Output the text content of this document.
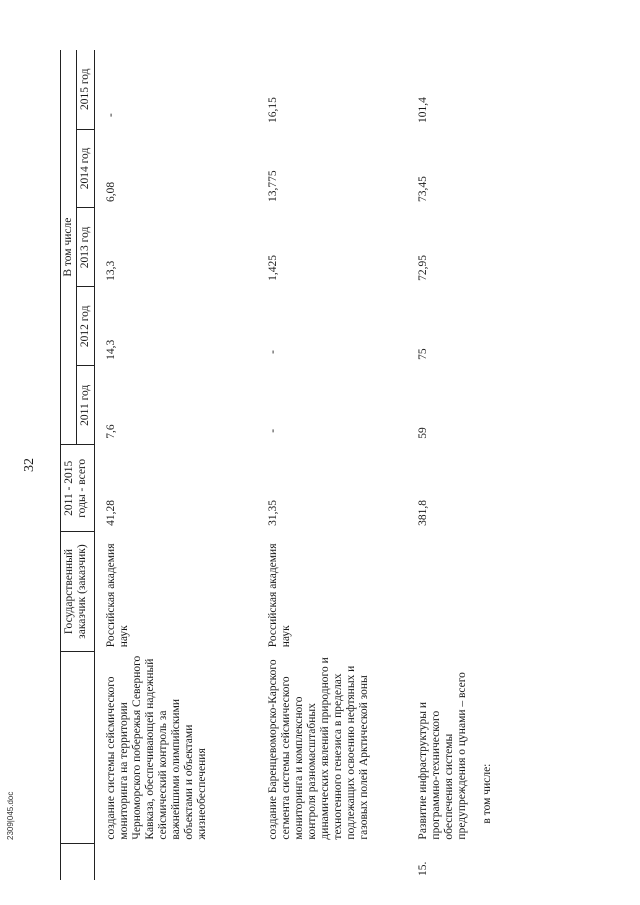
32
		Государственный заказчик (заказчик)	2011 - 2015 годы - всего	В том числе				
				2011 год	2012 год	2013 год	2014 год	2015 год
	создание системы сейсмического мониторинга на территории Черноморского побережья Северного Кавказа, обеспечивающей надежный сейсмический контроль за важнейшими олимпийскими объектами и объектами жизнеобеспечения	Российская академия наук	41,28	7,6	14,3	13,3	6,08	-
	создание Баренцевоморско-Карского сегмента системы сейсмического мониторинга и комплексного контроля разномасштабных динамических явлений природного и техногенного генезиса в пределах подлежащих освоению нефтяных и газовых полей Арктической зоны	Российская академия наук	31,35	-	-	1,425	13,775	16,15
15.	Развитие инфраструктуры и программно-технического обеспечения системы предупреждения о цунами – всего		381,8	59	75	72,95	73,45	101,4
	в том числе:							
2309|045.doc
